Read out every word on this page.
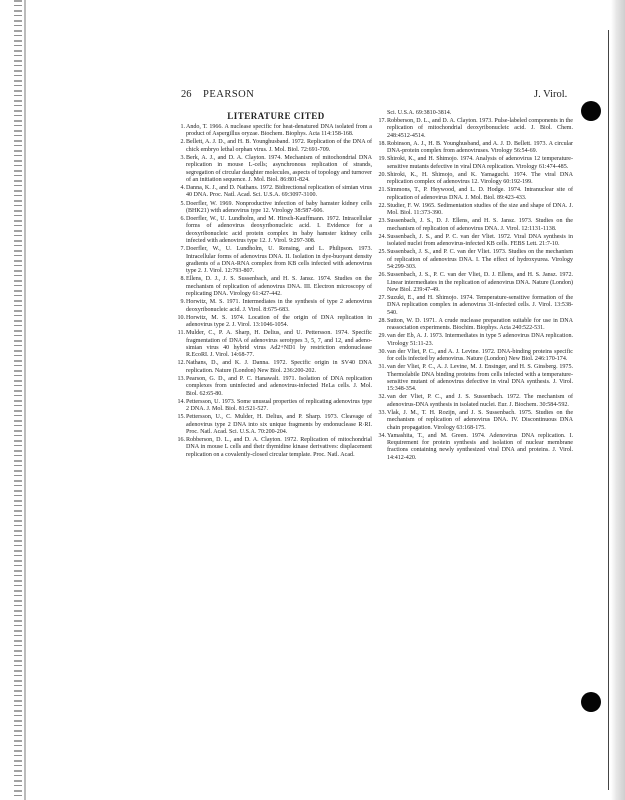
26 PEARSON	J. Virol.
LITERATURE CITED
1. Ando, T. 1966. A nuclease specific for heat-denatured DNA isolated from a product of Aspergillus oryzae. Biochem. Biophys. Acta 114:158-168.
2. Bellett, A. J. D., and H. B. Younghusband. 1972. Replication of the DNA of chick embryo lethal orphan virus. J. Mol. Biol. 72:691-709.
3. Berk, A. J., and D. A. Clayton. 1974. Mechanism of mitochondrial DNA replication in mouse L-cells; asynchronous replication of strands, segregation of circular daughter molecules, aspects of topology and turnover of an initiation sequence. J. Mol. Biol. 86:801-824.
4. Danna, K. J., and D. Nathans. 1972. Bidirectional replication of simian virus 40 DNA. Proc. Natl. Acad. Sci. U.S.A. 69:3097-3100.
5. Doerfler, W. 1969. Nonproductive infection of baby hamster kidney cells (BHK21) with adenovirus type 12. Virology 38:587-606.
6. Doerfler, W., U. Lundholm, and M. Hirsch-Kauffmann. 1972. Intracellular forms of adenovirus deoxyribonucleic acid. I. Evidence for a deoxyribonucleic acid protein complex in baby hamster kidney cells infected with adenovirus type 12. J. Virol. 9:297-308.
7. Doerfler, W., U. Lundholm, U. Rensing, and L. Philipson. 1973. Intracellular forms of adenovirus DNA. II. Isolation in dye-buoyant density gradients of a DNA-RNA complex from KB cells infected with adenovirus type 2. J. Virol. 12:793-807.
8. Ellens, D. J., J. S. Sussenbach, and H. S. Jansz. 1974. Studies on the mechanism of replication of adenovirus DNA. III. Electron microscopy of replicating DNA. Virology 61:427-442.
9. Horwitz, M. S. 1971. Intermediates in the synthesis of type 2 adenovirus deoxyribonucleic acid. J. Virol. 8:675-683.
10. Horwitz, M. S. 1974. Location of the origin of DNA replication in adenovirus type 2. J. Virol. 13:1046-1054.
11. Mulder, C., P. A. Sharp, H. Delius, and U. Pettersson. 1974. Specific fragmentation of DNA of adenovirus serotypes 3, 5, 7, and 12, and adeno-simian virus 40 hybrid virus Ad2+ND1 by restriction endonuclease R.EcoRI. J. Virol. 14:68-77.
12. Nathans, D., and K. J. Danna. 1972. Specific origin in SV40 DNA replication. Nature (London) New Biol. 236:200-202.
13. Pearson, G. D., and P. C. Hanawalt. 1971. Isolation of DNA replication complexes from uninfected and adenovirus-infected HeLa cells. J. Mol. Biol. 62:65-80.
14. Pettersson, U. 1973. Some unusual properties of replicating adenovirus type 2 DNA. J. Mol. Biol. 81:521-527.
15. Pettersson, U., C. Mulder, H. Delius, and P. Sharp. 1973. Cleavage of adenovirus type 2 DNA into six unique fragments by endonuclease R·RI. Proc. Natl. Acad. Sci. U.S.A. 70:200-204.
16. Robberson, D. L., and D. A. Clayton. 1972. Replication of mitochondrial DNA in mouse L cells and their thymidine kinase derivatives: displacement replication on a covalently-closed circular template. Proc. Natl. Acad.
Sci. U.S.A. 69:3810-3814.
17. Robberson, D. L., and D. A. Clayton. 1973. Pulse-labeled components in the replication of mitochondrial deoxyribonucleic acid. J. Biol. Chem. 248:4512-4514.
18. Robinson, A. J., H. B. Younghusband, and A. J. D. Bellett. 1973. A circular DNA-protein complex from adenoviruses. Virology 56:54-69.
19. Shiroki, K., and H. Shimojo. 1974. Analysis of adenovirus 12 temperature-sensitive mutants defective in viral DNA replication. Virology 61:474-485.
20. Shiroki, K., H. Shimojo, and K. Yamaguchi. 1974. The viral DNA replication complex of adenovirus 12. Virology 60:192-199.
21. Simmons, T., P. Heywood, and L. D. Hodge. 1974. Intranuclear site of replication of adenovirus DNA. J. Mol. Biol. 89:423-433.
22. Studier, F. W. 1965. Sedimentation studies of the size and shape of DNA. J. Mol. Biol. 11:373-390.
23. Sussenbach, J. S., D. J. Ellens, and H. S. Jansz. 1973. Studies on the mechanism of replication of adenovirus DNA. J. Virol. 12:1131-1138.
24. Sussenbach, J. S., and P. C. van der Vliet. 1972. Viral DNA synthesis in isolated nuclei from adenovirus-infected KB cells. FEBS Lett. 21:7-10.
25. Sussenbach, J. S., and P. C. van der Vliet. 1973. Studies on the mechanism of replication of adenovirus DNA. I. The effect of hydroxyurea. Virology 54:299-303.
26. Sussenbach, J. S., P. C. van der Vliet, D. J. Ellens, and H. S. Jansz. 1972. Linear intermediates in the replication of adenovirus DNA. Nature (London) New Biol. 239:47-49.
27. Suzuki, E., and H. Shimojo. 1974. Temperature-sensitive formation of the DNA replication complex in adenovirus 31-infected cells. J. Virol. 13:538-540.
28. Sutton, W. D. 1971. A crude nuclease preparation suitable for use in DNA reassociation experiments. Biochim. Biophys. Acta 240:522-531.
29. van der Eb, A. J. 1973. Intermediates in type 5 adenovirus DNA replication. Virology 51:11-23.
30. van der Vliet, P. C., and A. J. Levine. 1972. DNA-binding proteins specific for cells infected by adenovirus. Nature (London) New Biol. 246:170-174.
31. van der Vliet, P. C., A. J. Levine, M. J. Ensinger, and H. S. Ginsberg. 1975. Thermolabile DNA binding proteins from cells infected with a temperature-sensitive mutant of adenovirus defective in viral DNA synthesis. J. Virol. 15:348-354.
32. van der Vliet, P. C., and J. S. Sussenbach. 1972. The mechanism of adenovirus-DNA synthesis in isolated nuclei. Eur. J. Biochem. 30:584-592.
33. Vlak, J. M., T. H. Rozijn, and J. S. Sussenbach. 1975. Studies on the mechanism of replication of adenovirus DNA. IV. Discontinuous DNA chain propagation. Virology 63:168-175.
34. Yamashita, T., and M. Green. 1974. Adenovirus DNA replication. I. Requirement for protein synthesis and isolation of nuclear membrane fractions containing newly synthesized viral DNA and proteins. J. Virol. 14:412-420.
